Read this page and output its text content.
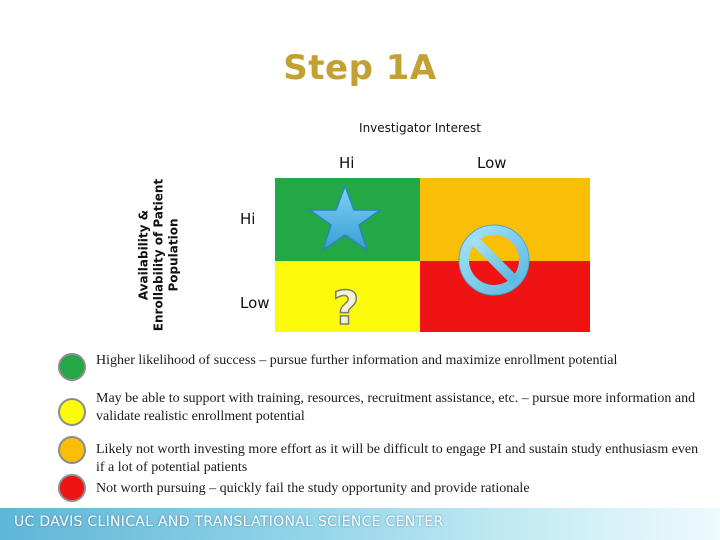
Step 1A
Investigator Interest
Hi	Low
Availability & Enrollability of Patient Population	Hi
Low ?
Higher likelihood of success – pursue further information and maximize enrollment potential
May be able to support with training, resources, recruitment assistance, etc. – pursue more information and validate realistic enrollment potential
Likely not worth investing more effort as it will be difficult to engage PI and sustain study enthusiasm even if a lot of potential patients
Not worth pursuing – quickly fail the study opportunity and provide rationale
UC DAVIS CLINICAL AND TRANSLATIONAL SCIENCE CENTER
